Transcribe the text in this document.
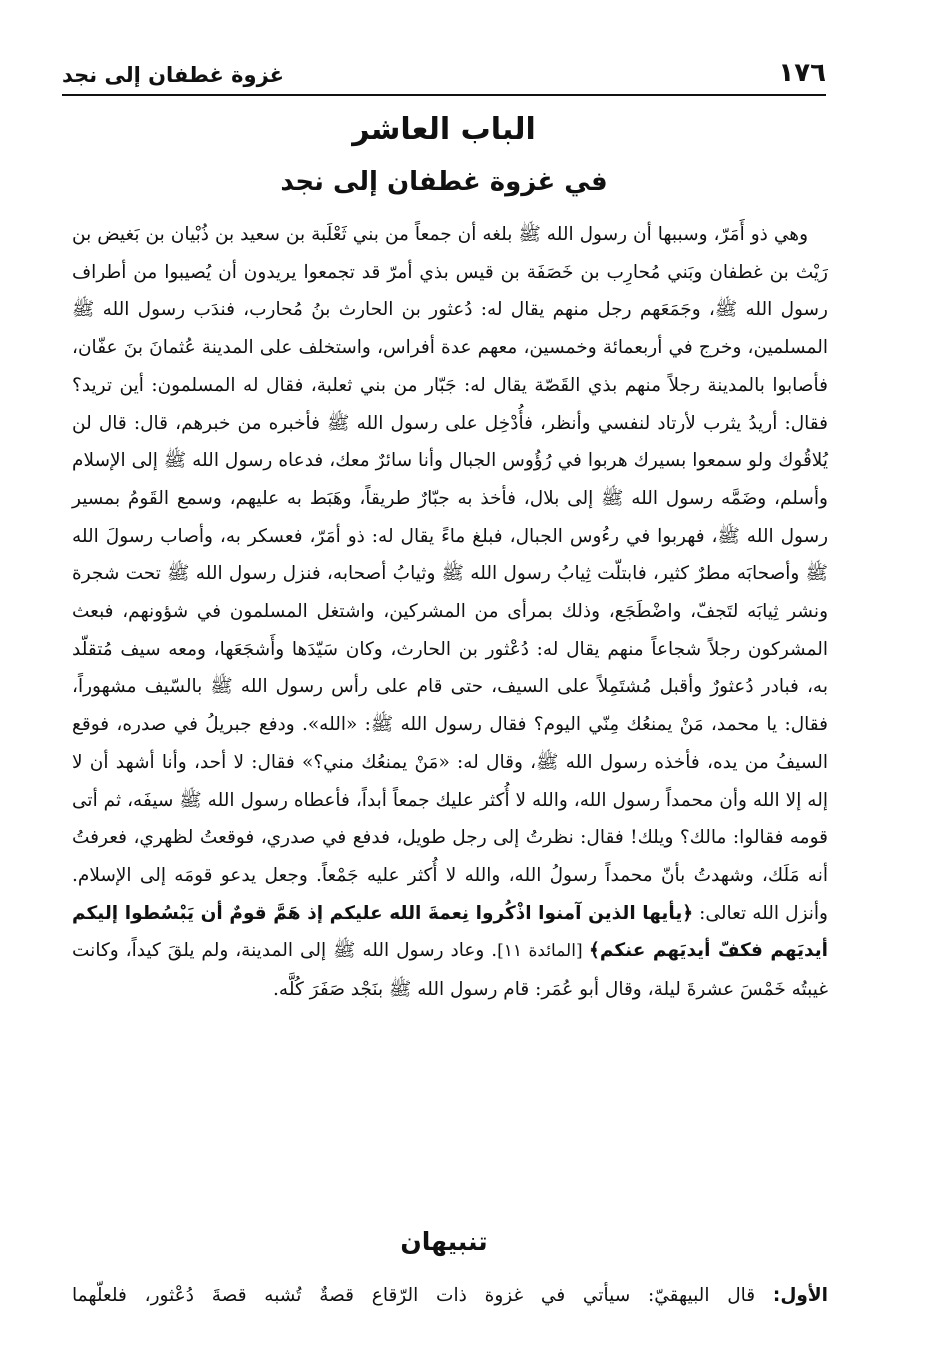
١٧٦
غزوة غطفان إلى نجد
الباب العاشر
في غزوة غطفان إلى نجد

وهي ذو أَمَرّ، وسببها أن رسول الله ﷺ بلغه أن جمعاً من بني ثَعْلَبة بن سعيد بن ذُبْيان بن بَغيض بن رَيْث بن غطفان وبَني مُحارِب بن خَصَفَة بن قيس بذي أمرّ قد تجمعوا يريدون أن يُصيبوا من أطراف رسول الله ﷺ، وجَمَعَهم رجل منهم يقال له: دُعثور بن الحارث بنُ مُحارب، فندَب رسول الله ﷺ المسلمين، وخرج في أربعمائة وخمسين، معهم عدة أفراس، واستخلف على المدينة عُثمانَ بنَ عفّان، فأصابوا بالمدينة رجلاً منهم بذي القَصّة يقال له: جَبّار من بني ثعلبة، فقال له المسلمون: أين تريد؟ فقال: أريدُ يثرب لأرتاد لنفسي وأنظر، فأُدْخِل على رسول الله ﷺ فأخبره من خبرهم، قال: قال لن يُلاقُوك ولو سمعوا بسيرك هربوا في رُؤُوس الجبال وأنا سائرٌ معك، فدعاه رسول الله ﷺ إلى الإسلام وأسلم، وضَمَّه رسول الله ﷺ إلى بلال، فأخذ به جبّارٌ طريقاً، وهَبَط به عليهم، وسمع القَومُ بمسير رسول الله ﷺ، فهربوا في رءُوس الجبال، فبلغ ماءً يقال له: ذو أمَرّ، فعسكر به، وأصاب رسولَ الله ﷺ وأصحابَه مطرٌ كثير، فابتلّت ثِيابُ رسول الله ﷺ وثيابُ أصحابه، فنزل رسول الله ﷺ تحت شجرة ونشر ثِيابَه لتَجفّ، واضْطَجَع، وذلك بمرأى من المشركين، واشتغل المسلمون في شؤونهم، فبعث المشركون رجلاً شجاعاً منهم يقال له: دُعْثور بن الحارث، وكان سَيّدَها وأَشجَعَها، ومعه سيف مُتقلّد به، فبادر دُعثورٌ وأقبل مُشتَمِلاً على السيف، حتى قام على رأس رسول الله ﷺ بالسّيف مشهوراً، فقال: يا محمد، مَنْ يمنعُك مِنّي اليوم؟ فقال رسول الله ﷺ: «الله». ودفع جبريلُ في صدره، فوقع السيفُ من يده، فأخذه رسول الله ﷺ، وقال له: «مَنْ يمنعُك مني؟» فقال: لا أحد، وأنا أشهد أن لا إله إلا الله وأن محمداً رسول الله، والله لا أُكثر عليك جمعاً أبداً، فأعطاه رسول الله ﷺ سيفَه، ثم أتى قومه فقالوا: مالك؟ ويلك! فقال: نظرتُ إلى رجل طويل، فدفع في صدري، فوقعتُ لظهري، فعرفتُ أنه مَلَك، وشهدتُ بأنّ محمداً رسولُ الله، والله لا أُكثر عليه جَمْعاً. وجعل يدعو قومَه إلى الإسلام. وأنزل الله تعالى: ﴿يأيها الذين آمنوا اذْكُروا نِعمةَ الله عليكم إذ هَمَّ قومٌ أن يَبْسُطوا إليكم أيديَهم فكفّ أيديَهم عنكم﴾ [المائدة ١١]. وعاد رسول الله ﷺ إلى المدينة، ولم يلقَ كيداً، وكانت غيبتُه خَمْسَ عشرةَ ليلة، وقال أبو عُمَر: قام رسول الله ﷺ بنَجْد صَفَرَ كُلَّه.

تنبيهان
الأول: قال البيهقيّ: سيأتي في غزوة ذات الرّقاع قصةٌ تُشبه قصةَ دُعْثور، فلعلّهما
